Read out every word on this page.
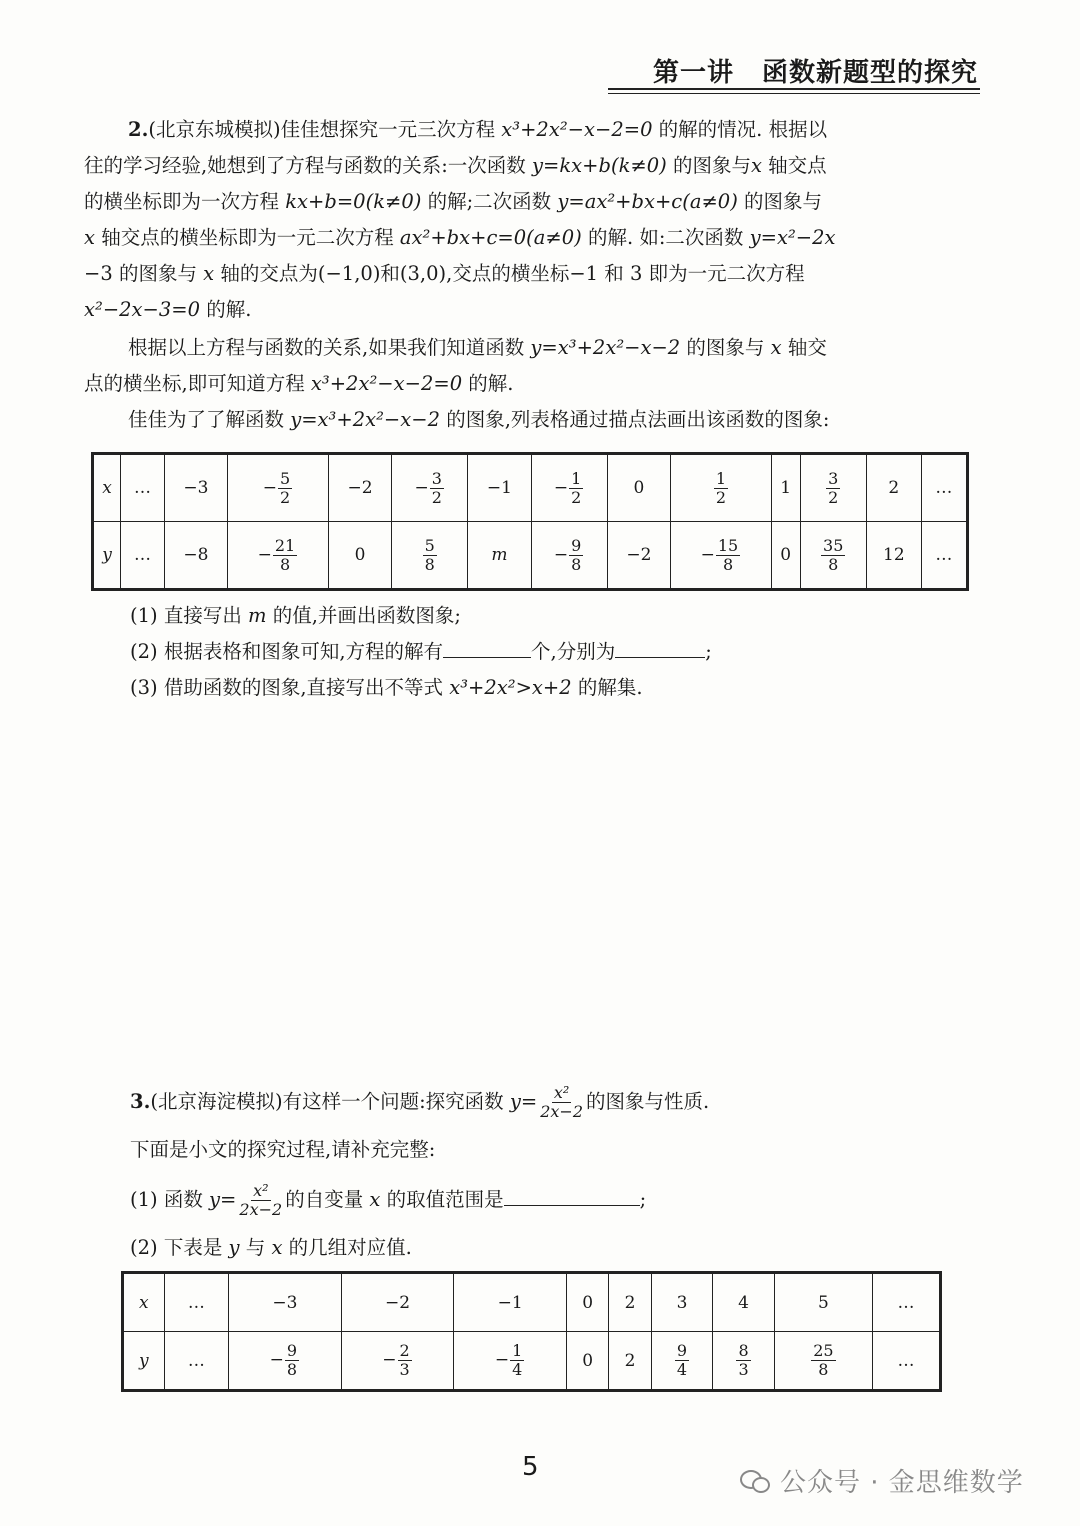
第一讲 函数新题型的探究
2.(北京东城模拟)佳佳想探究一元三次方程 x³+2x²−x−2=0 的解的情况. 根据以
往的学习经验,她想到了方程与函数的关系:一次函数 y=kx+b(k≠0) 的图象与x 轴交点
的横坐标即为一次方程 kx+b=0(k≠0) 的解;二次函数 y=ax²+bx+c(a≠0) 的图象与
x 轴交点的横坐标即为一元二次方程 ax²+bx+c=0(a≠0) 的解. 如:二次函数 y=x²−2x
−3 的图象与 x 轴的交点为(−1,0)和(3,0),交点的横坐标−1 和 3 即为一元二次方程
x²−2x−3=0 的解.
根据以上方程与函数的关系,如果我们知道函数 y=x³+2x²−x−2 的图象与 x 轴交
点的横坐标,即可知道方程 x³+2x²−x−2=0 的解.
佳佳为了了解函数 y=x³+2x²−x−2 的图象,列表格通过描点法画出该函数的图象:
x	…	−3	− $\frac{5}{2}$	−2	− $\frac{3}{2}$	−1	− $\frac{1}{2}$	0	$\frac{1}{2}$	1	$\frac{3}{2}$	2	…
y	…	−8	− $\frac{21}{8}$	0	$\frac{5}{8}$	m	− $\frac{9}{8}$	−2	− $\frac{15}{8}$	0	$\frac{35}{8}$	12	…
(1) 直接写出 m 的值,并画出函数图象;
(2) 根据表格和图象可知,方程的解有	个,分别为	;
(3) 借助函数的图象,直接写出不等式 x³+2x²>x+2 的解集.
3.(北京海淀模拟)有这样一个问题:探究函数 $y= \frac{\text{x²}}{2x-2}$ 的图象与性质.
下面是小文的探究过程,请补充完整:
(1) 函数 $y= \frac{\text{x²}}{2x-2}$ 的自变量 x 的取值范围是	;
(2) 下表是 y 与 x 的几组对应值.
x	…	−3	−2	−1	0	2	3	4	5	…
y	…	− $\frac{9}{8}$	− $\frac{2}{3}$	− $\frac{1}{4}$	0	2	$\frac{9}{4}$	$\frac{8}{3}$	$\frac{25}{8}$	…
5
公众号 · 金思维数学
